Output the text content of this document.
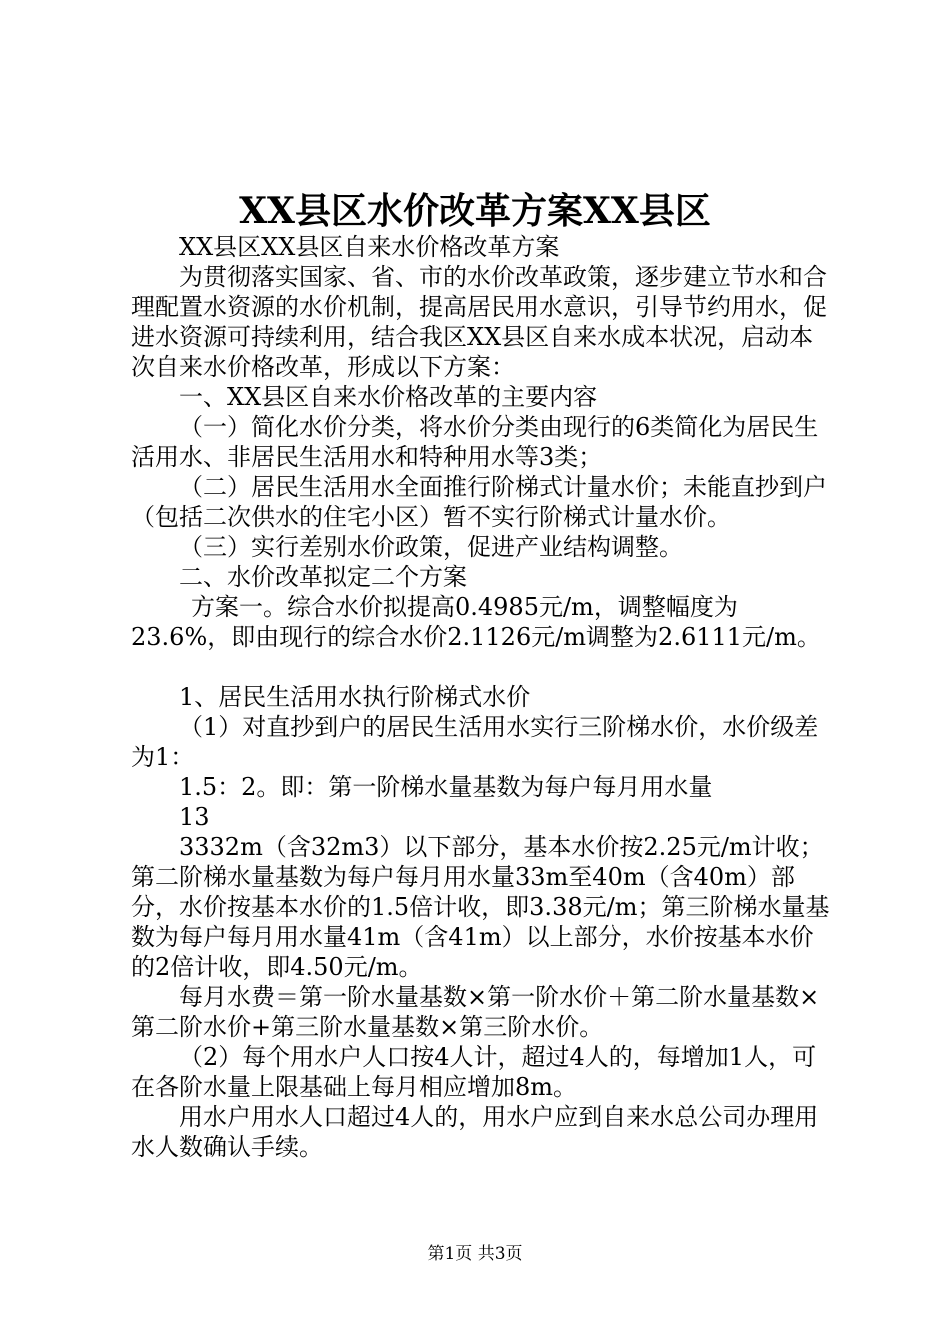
XX县区水价改革方案XX县区

XX县区XX县区自来水价格改革方案

为贯彻落实国家、省、市的水价改革政策，逐步建立节水和合理配置水资源的水价机制，提高居民用水意识，引导节约用水，促进水资源可持续利用，结合我区XX县区自来水成本状况，启动本次自来水价格改革，形成以下方案：

一、XX县区自来水价格改革的主要内容

（一）简化水价分类，将水价分类由现行的6类简化为居民生活用水、非居民生活用水和特种用水等3类；

（二）居民生活用水全面推行阶梯式计量水价；未能直抄到户（包括二次供水的住宅小区）暂不实行阶梯式计量水价。

（三）实行差别水价政策，促进产业结构调整。

二、水价改革拟定二个方案

方案一。综合水价拟提高0.4985元/m，调整幅度为23.6%，即由现行的综合水价2.1126元/m调整为2.6111元/m。

1、居民生活用水执行阶梯式水价

（1）对直抄到户的居民生活用水实行三阶梯水价，水价级差为1：

1.5：2。即：第一阶梯水量基数为每户每月用水量

13

3332m（含32m3）以下部分，基本水价按2.25元/m计收；第二阶梯水量基数为每户每月用水量33m至40m（含40m）部分，水价按基本水价的1.5倍计收，即3.38元/m；第三阶梯水量基数为每户每月用水量41m（含41m）以上部分，水价按基本水价的2倍计收，即4.50元/m。

每月水费＝第一阶水量基数×第一阶水价＋第二阶水量基数×第二阶水价+第三阶水量基数×第三阶水价。

（2）每个用水户人口按4人计，超过4人的，每增加1人，可在各阶水量上限基础上每月相应增加8m。

用水户用水人口超过4人的，用水户应到自来水总公司办理用水人数确认手续。

第1页 共3页
